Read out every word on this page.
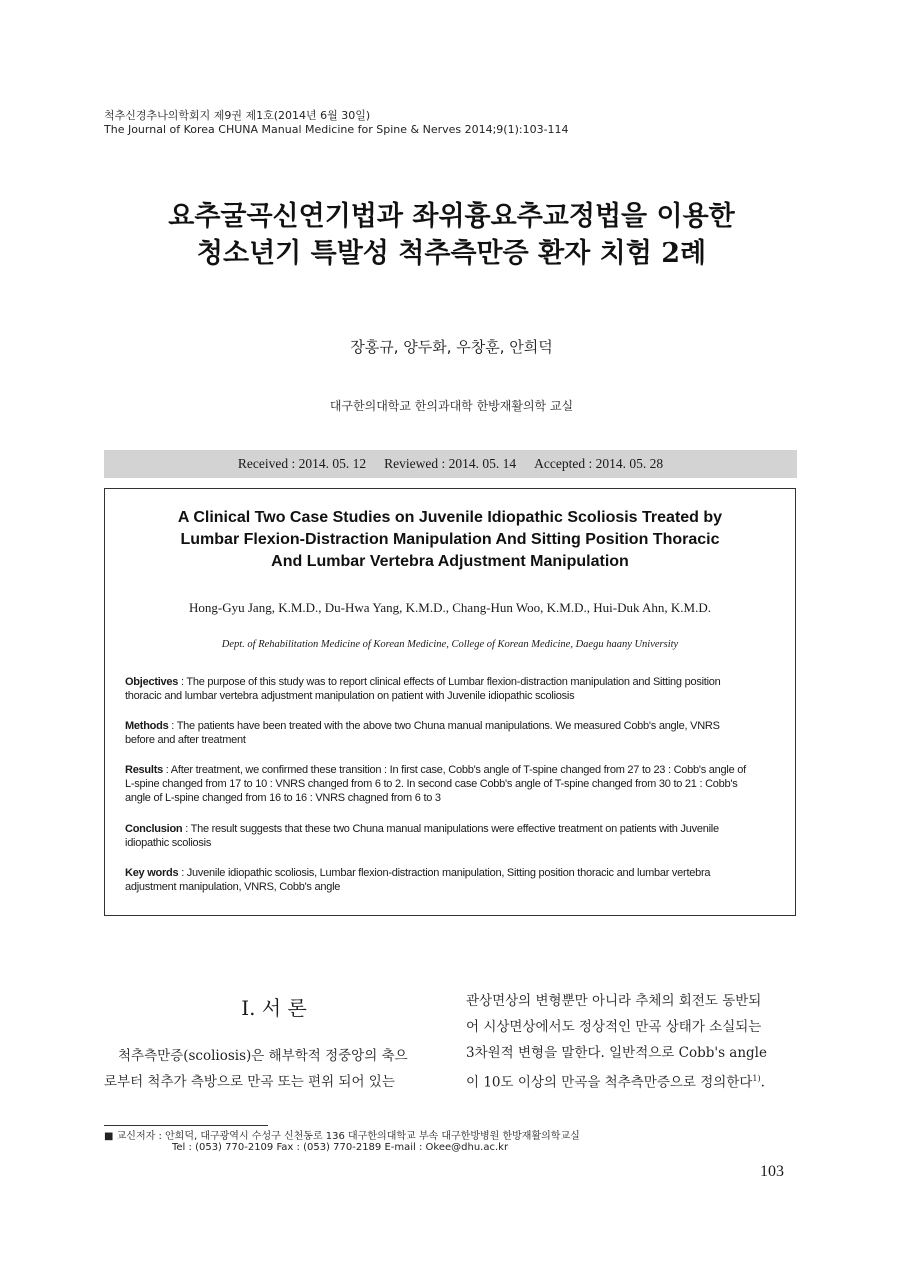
척추신경추나의학회지 제9권 제1호(2014년 6월 30일)
The Journal of Korea CHUNA Manual Medicine for Spine & Nerves 2014;9(1):103-114
요추굴곡신연기법과 좌위흉요추교정법을 이용한
청소년기 특발성 척추측만증 환자 치험 2례
장홍규, 양두화, 우창훈, 안희덕
대구한의대학교 한의과대학 한방재활의학 교실
Received : 2014. 05. 12 Reviewed : 2014. 05. 14 Accepted : 2014. 05. 28
A Clinical Two Case Studies on Juvenile Idiopathic Scoliosis Treated by
Lumbar Flexion-Distraction Manipulation And Sitting Position Thoracic
And Lumbar Vertebra Adjustment Manipulation
Hong-Gyu Jang, K.M.D., Du-Hwa Yang, K.M.D., Chang-Hun Woo, K.M.D., Hui-Duk Ahn, K.M.D.
Dept. of Rehabilitation Medicine of Korean Medicine, College of Korean Medicine, Daegu haany University
Objectives : The purpose of this study was to report clinical effects of Lumbar flexion-distraction manipulation and Sitting position
thoracic and lumbar vertebra adjustment manipulation on patient with Juvenile idiopathic scoliosis
Methods : The patients have been treated with the above two Chuna manual manipulations. We measured Cobb's angle, VNRS
before and after treatment
Results : After treatment, we confirmed these transition : In first case, Cobb's angle of T-spine changed from 27 to 23 : Cobb's angle of
L-spine changed from 17 to 10 : VNRS changed from 6 to 2. In second case Cobb's angle of T-spine changed from 30 to 21 : Cobb's
angle of L-spine changed from 16 to 16 : VNRS chagned from 6 to 3
Conclusion : The result suggests that these two Chuna manual manipulations were effective treatment on patients with Juvenile
idiopathic scoliosis
Key words : Juvenile idiopathic scoliosis, Lumbar flexion-distraction manipulation, Sitting position thoracic and lumbar vertebra
adjustment manipulation, VNRS, Cobb's angle
Ⅰ. 서 론
척추측만증(scoliosis)은 해부학적 정중앙의 축으
로부터 척추가 측방으로 만곡 또는 편위 되어 있는
관상면상의 변형뿐만 아니라 추체의 회전도 동반되
어 시상면상에서도 정상적인 만곡 상태가 소실되는
3차원적 변형을 말한다. 일반적으로 Cobb's angle
이 10도 이상의 만곡을 척추측만증으로 정의한다$^{1)}$.
■ 교신저자 : 안희덕, 대구광역시 수성구 신천동로 136 대구한의대학교 부속 대구한방병원 한방재활의학교실
Tel : (053) 770-2109 Fax : (053) 770-2189 E-mail : Okee@dhu.ac.kr
103
